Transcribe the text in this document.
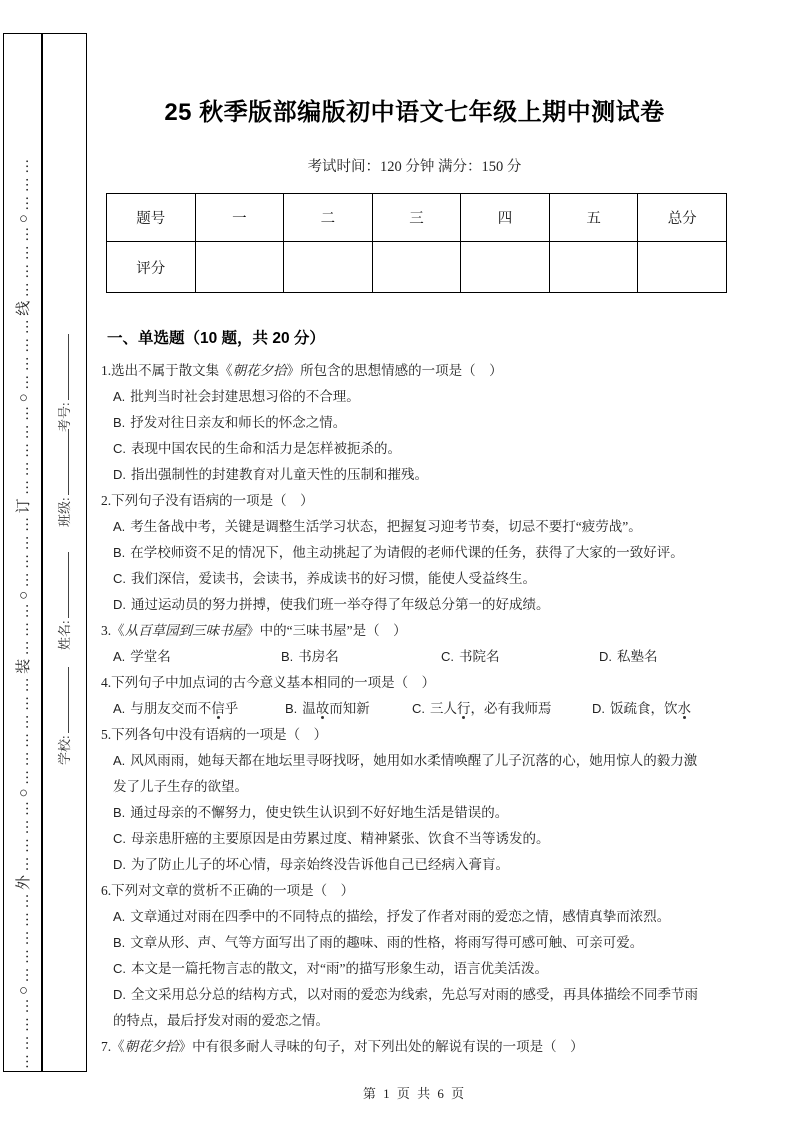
…………○……………外…………○………………装………○…………订……………○…………线…………○………	考号:
班级:
姓名:
学校:
25 秋季版部编版初中语文七年级上期中测试卷
考试时间：120 分钟 满分：150 分
题号	一	二	三	四	五	总分
评分						
一、单选题（10 题，共 20 分）
1.选出不属于散文集《朝花夕拾》所包含的思想情感的一项是（　）
A. 批判当时社会封建思想习俗的不合理。
B. 抒发对往日亲友和师长的怀念之情。
C. 表现中国农民的生命和活力是怎样被扼杀的。
D. 指出强制性的封建教育对儿童天性的压制和摧残。
2.下列句子没有语病的一项是（　）
A. 考生备战中考，关键是调整生活学习状态，把握复习迎考节奏，切忌不要打“疲劳战”。
B. 在学校师资不足的情况下，他主动挑起了为请假的老师代课的任务，获得了大家的一致好评。
C. 我们深信，爱读书，会读书，养成读书的好习惯，能使人受益终生。
D. 通过运动员的努力拼搏，使我们班一举夺得了年级总分第一的好成绩。
3.《从百草园到三味书屋》中的“三味书屋”是（　）
A. 学堂名	B. 书房名	C. 书院名	D. 私塾名
4.下列句子中加点词的古今意义基本相同的一项是（　）
A. 与朋友交而不信乎	B. 温故而知新	C. 三人行，必有我师焉	D. 饭疏食，饮水
5.下列各句中没有语病的一项是（　）
A. 风风雨雨，她每天都在地坛里寻呀找呀，她用如水柔情唤醒了儿子沉落的心，她用惊人的毅力激发了儿子生存的欲望。
B. 通过母亲的不懈努力，使史铁生认识到不好好地生活是错误的。
C. 母亲患肝癌的主要原因是由劳累过度、精神紧张、饮食不当等诱发的。
D. 为了防止儿子的坏心情，母亲始终没告诉他自己已经病入膏肓。
6.下列对文章的赏析不正确的一项是（　）
A. 文章通过对雨在四季中的不同特点的描绘，抒发了作者对雨的爱恋之情，感情真挚而浓烈。
B. 文章从形、声、气等方面写出了雨的趣味、雨的性格，将雨写得可感可触、可亲可爱。
C. 本文是一篇托物言志的散文，对“雨”的描写形象生动，语言优美活泼。
D. 全文采用总分总的结构方式，以对雨的爱恋为线索，先总写对雨的感受，再具体描绘不同季节雨的特点，最后抒发对雨的爱恋之情。
7.《朝花夕拾》中有很多耐人寻味的句子，对下列出处的解说有误的一项是（　）
第 1 页 共 6 页
